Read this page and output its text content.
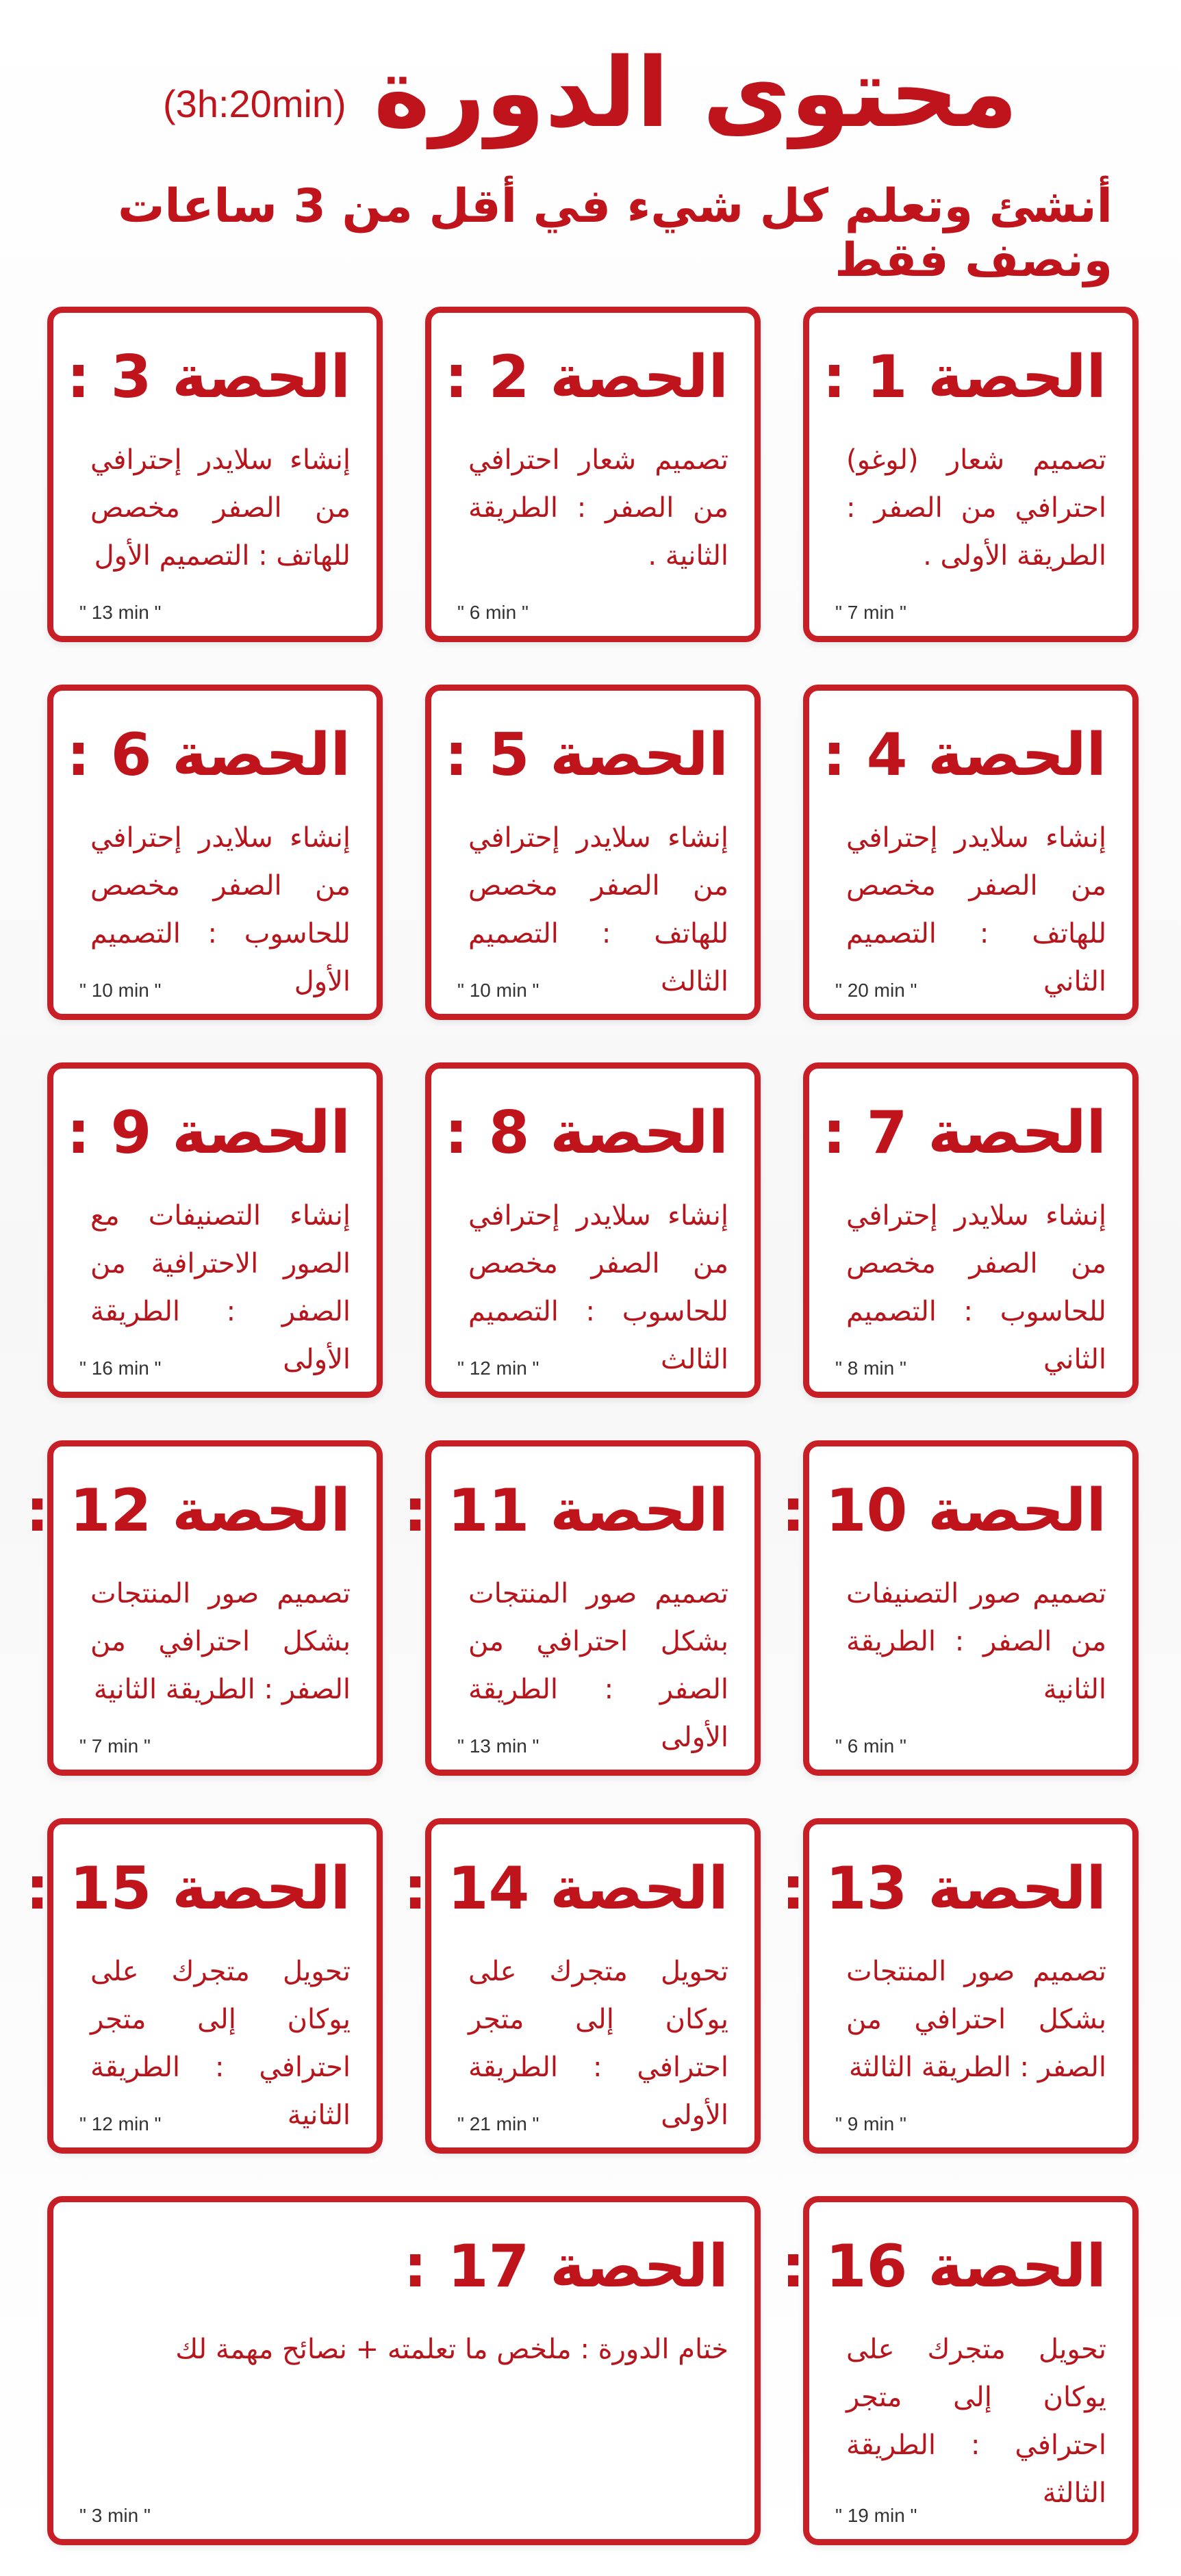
(3h:20min) محتوى الدورة
أنشئ وتعلم كل شيء في أقل من 3 ساعات ونصف فقط
الحصة 1 :
تصميم شعار (لوغو) احترافي من الصفر : الطريقة الأولى .
" 7 min "
الحصة 2 :
تصميم شعار احترافي من الصفر : الطريقة الثانية .
" 6 min "
الحصة 3 :
إنشاء سلايدر إحترافي من الصفر مخصص للهاتف : التصميم الأول
" 13 min "
الحصة 4 :
إنشاء سلايدر إحترافي من الصفر مخصص للهاتف : التصميم الثاني
" 20 min "
الحصة 5 :
إنشاء سلايدر إحترافي من الصفر مخصص للهاتف : التصميم الثالث
" 10 min "
الحصة 6 :
إنشاء سلايدر إحترافي من الصفر مخصص للحاسوب : التصميم الأول
" 10 min "
الحصة 7 :
إنشاء سلايدر إحترافي من الصفر مخصص للحاسوب : التصميم الثاني
" 8 min "
الحصة 8 :
إنشاء سلايدر إحترافي من الصفر مخصص للحاسوب : التصميم الثالث
" 12 min "
الحصة 9 :
إنشاء التصنيفات مع الصور الاحترافية من الصفر : الطريقة الأولى
" 16 min "
الحصة 10 :
تصميم صور التصنيفات من الصفر : الطريقة الثانية
" 6 min "
الحصة 11 :
تصميم صور المنتجات بشكل احترافي من الصفر : الطريقة الأولى
" 13 min "
الحصة 12 :
تصميم صور المنتجات بشكل احترافي من الصفر : الطريقة الثانية
" 7 min "
الحصة 13 :
تصميم صور المنتجات بشكل احترافي من الصفر : الطريقة الثالثة
" 9 min "
الحصة 14 :
تحويل متجرك على يوكان إلى متجر احترافي : الطريقة الأولى
" 21 min "
الحصة 15 :
تحويل متجرك على يوكان إلى متجر احترافي : الطريقة الثانية
" 12 min "
الحصة 16 :
تحويل متجرك على يوكان إلى متجر احترافي : الطريقة الثالثة
" 19 min "
الحصة 17 :
ختام الدورة : ملخص ما تعلمته + نصائح مهمة لك
" 3 min "
